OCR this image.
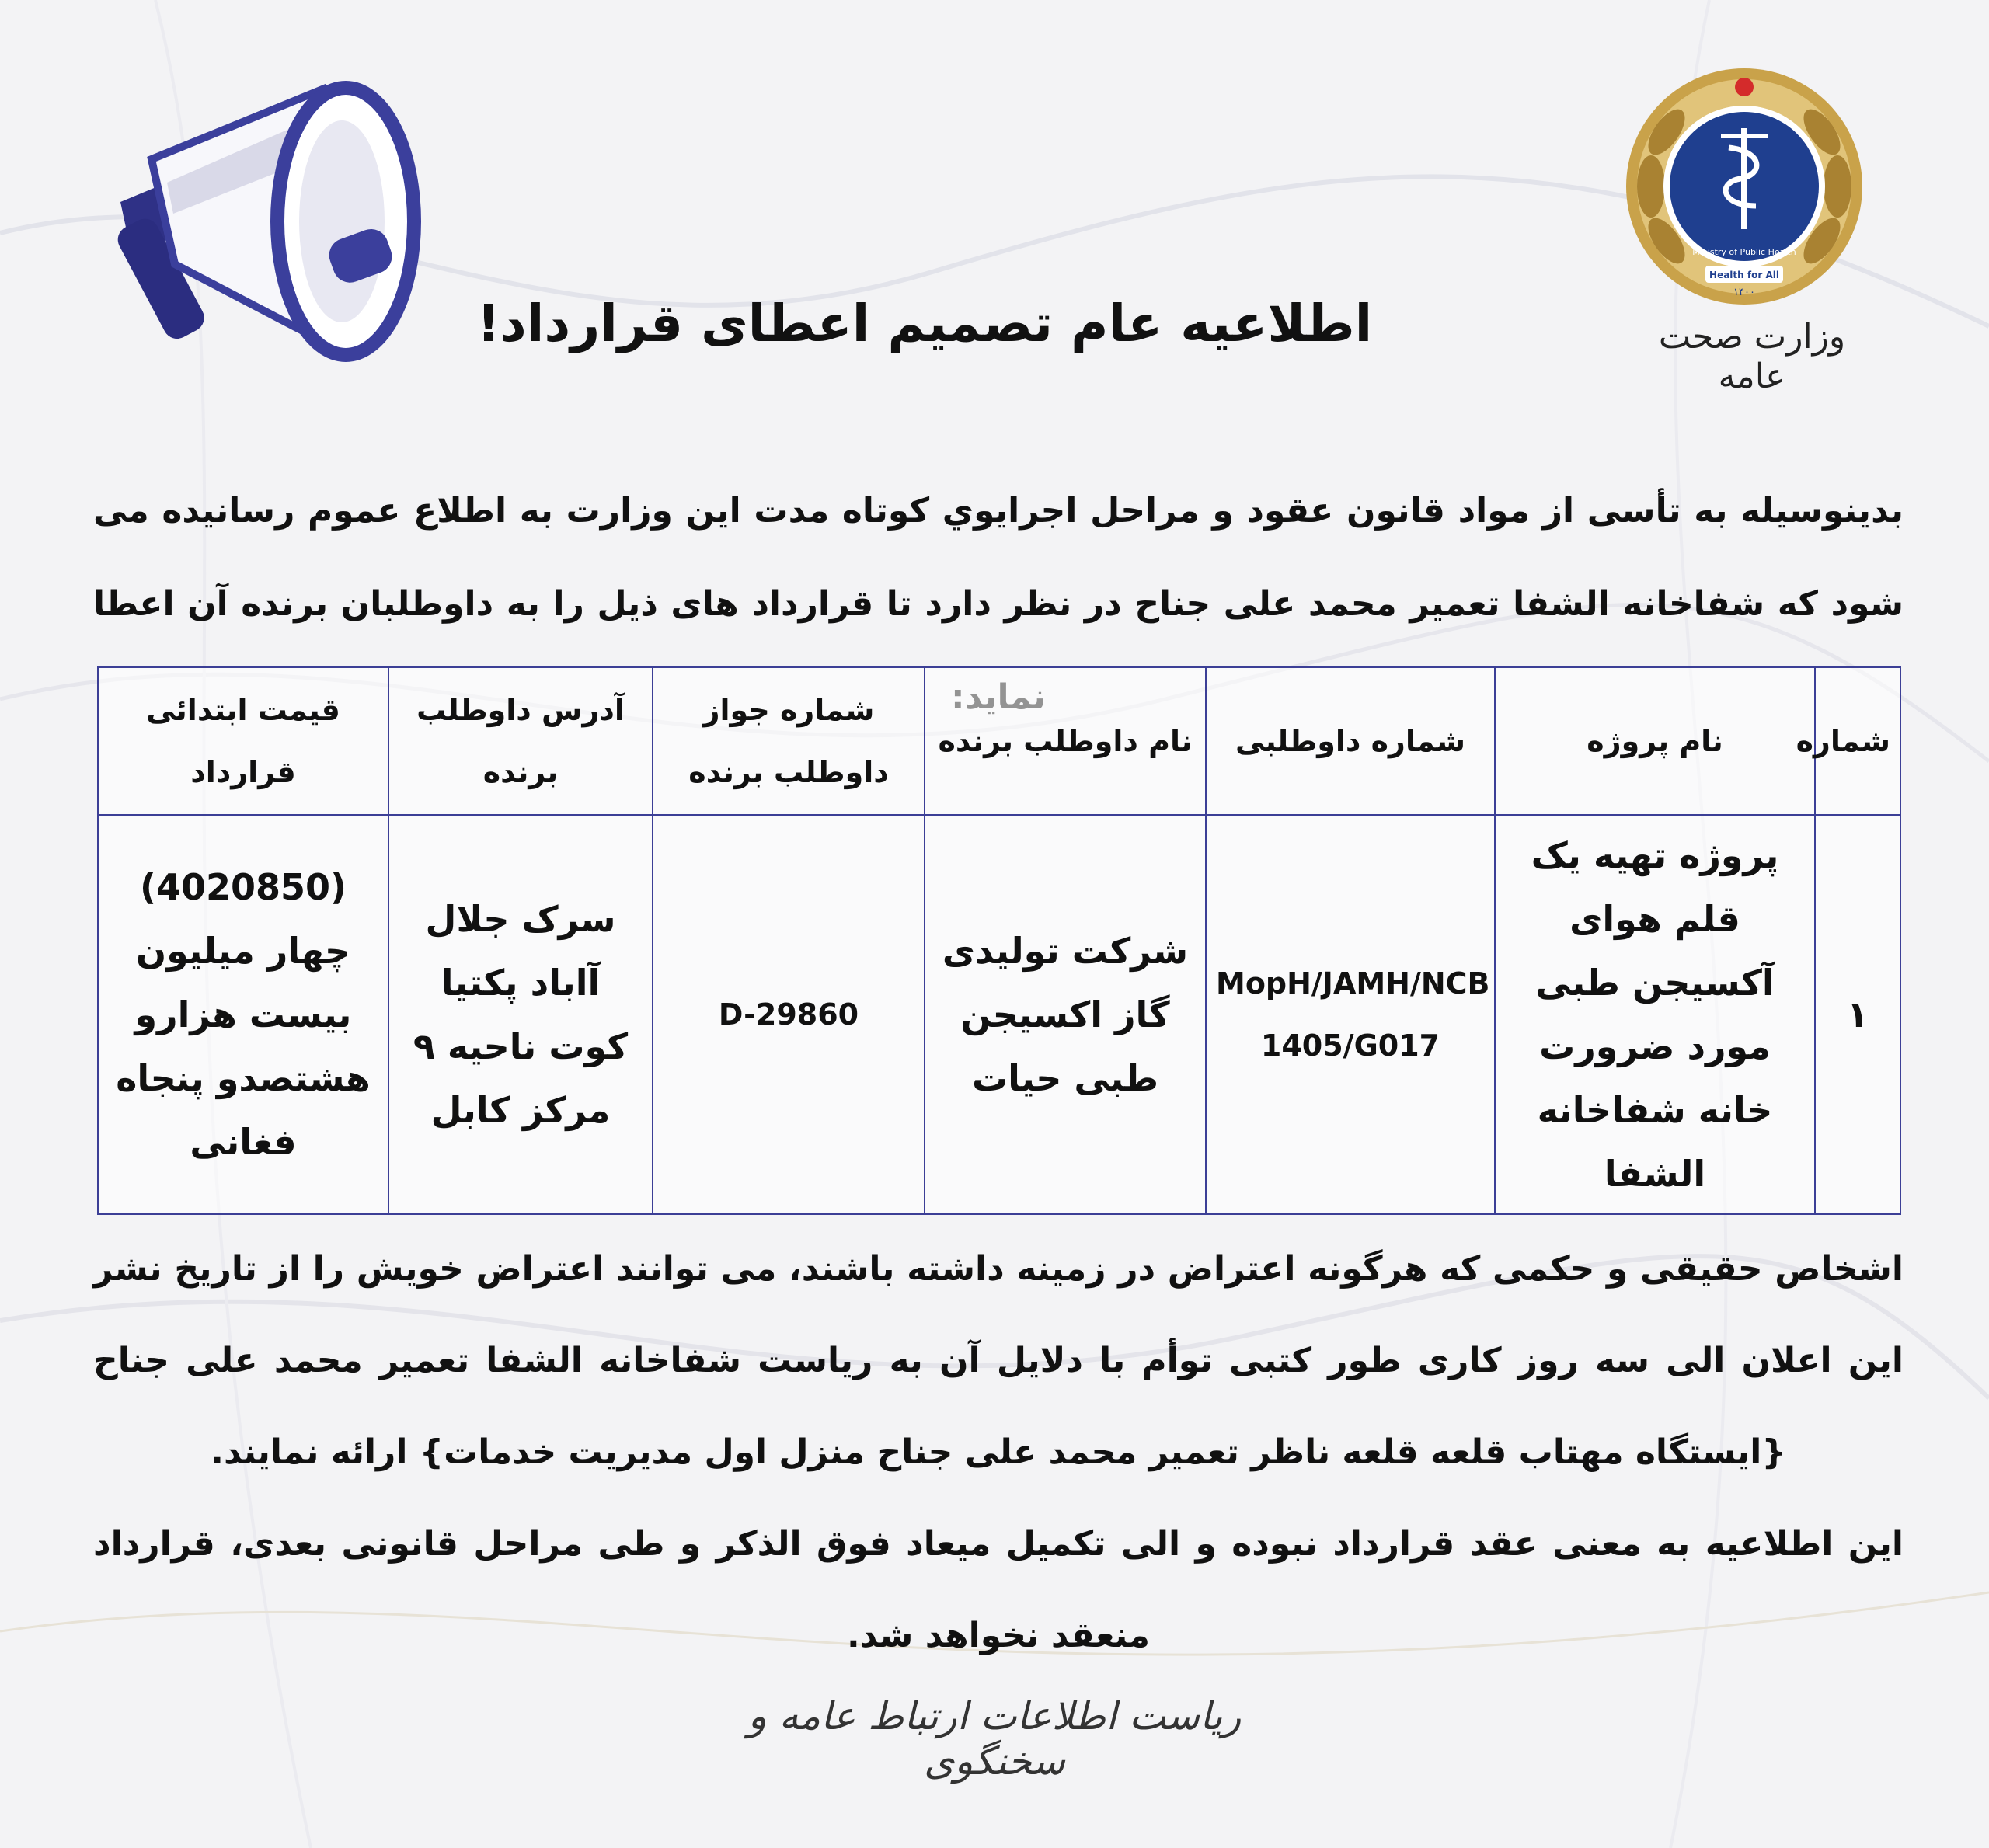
Ministry of Public Health
Health for All
۱۴۰۰
وزارت صحت عامه
اطلاعیه عام تصمیم اعطای قرارداد!

بدینوسیله به تأسی از مواد قانون عقود و مراحل اجرايوي کوتاه مدت این وزارت به اطلاع عموم رسانیده می شود که شفاخانه الشفا تعمیر محمد علی جناح در نظر دارد تا قرارداد های ذیل را به داوطلبان برنده آن اعطا

شماره	نام پروژه	شماره داوطلبی	نام داوطلب برنده	شماره جواز داوطلب برنده	آدرس داوطلب برنده	قیمت ابتدائی قرارداد
۱	پروژه تهیه یک قلم هوای آکسیجن طبی مورد ضرورت خانه شفاخانه الشفا	MopH/JAMH/NCB 1405/G017	شرکت تولیدی گاز اکسیجن طبی حیات	D-29860	سرک جلال آاباد پکتیا کوت ناحیه ۹ مرکز کابل	(4020850) چهار میلیون بیست هزارو هشتصدو پنجاه فغانی

اشخاص حقیقی و حکمی که هرگونه اعتراض در زمینه داشته باشند، می توانند اعتراض خویش را از تاریخ نشر این اعلان الی سه روز کاری طور کتبی توأم با دلایل آن به ریاست شفاخانه الشفا تعمیر محمد علی جناح {ایستگاه مهتاب قلعه قلعه ناظر تعمیر محمد علی جناح منزل اول مدیریت خدمات} ارائه نمایند.

این اطلاعیه به معنی عقد قرارداد نبوده و الی تکمیل میعاد فوق الذکر و طی مراحل قانونی بعدی، قرارداد منعقد نخواهد شد.

ریاست اطلاعات ارتباط عامه و سخنگوی
